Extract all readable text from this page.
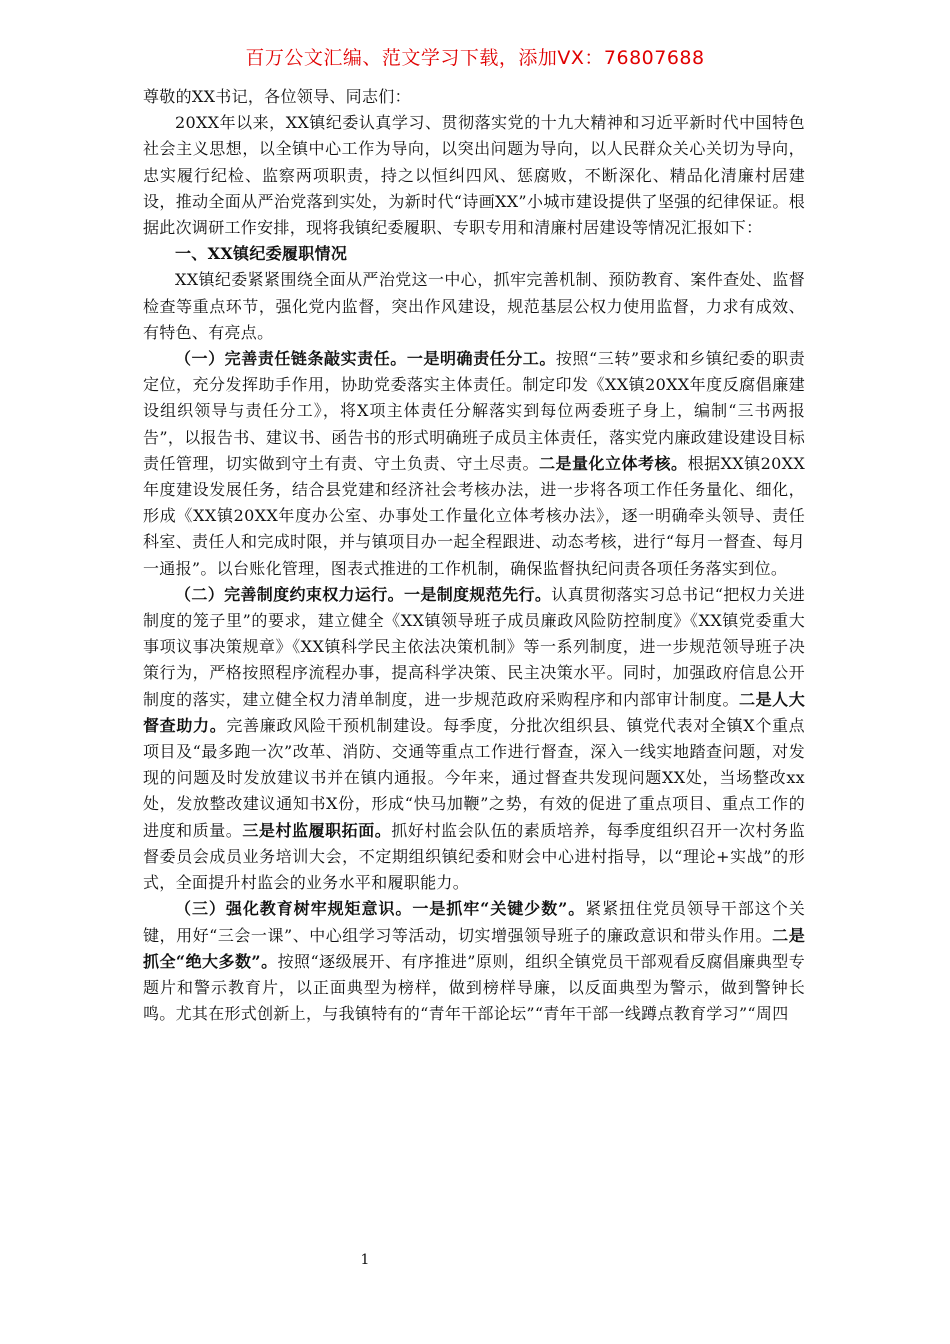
百万公文汇编、范文学习下载，添加VX：76807688

尊敬的XX书记，各位领导、同志们：

20XX年以来，XX镇纪委认真学习、贯彻落实党的十九大精神和习近平新时代中国特色社会主义思想，以全镇中心工作为导向，以突出问题为导向，以人民群众关心关切为导向，忠实履行纪检、监察两项职责，持之以恒纠四风、惩腐败，不断深化、精品化清廉村居建设，推动全面从严治党落到实处，为新时代“诗画XX”小城市建设提供了坚强的纪律保证。根据此次调研工作安排，现将我镇纪委履职、专职专用和清廉村居建设等情况汇报如下：

一、XX镇纪委履职情况

XX镇纪委紧紧围绕全面从严治党这一中心，抓牢完善机制、预防教育、案件查处、监督检查等重点环节，强化党内监督，突出作风建设，规范基层公权力使用监督，力求有成效、有特色、有亮点。

（一）完善责任链条敲实责任。一是明确责任分工。按照“三转”要求和乡镇纪委的职责定位，充分发挥助手作用，协助党委落实主体责任。制定印发《XX镇20XX年度反腐倡廉建设组织领导与责任分工》，将X项主体责任分解落实到每位两委班子身上，编制“三书两报告”，以报告书、建议书、函告书的形式明确班子成员主体责任，落实党内廉政建设建设目标责任管理，切实做到守土有责、守土负责、守土尽责。二是量化立体考核。根据XX镇20XX年度建设发展任务，结合县党建和经济社会考核办法，进一步将各项工作任务量化、细化，形成《XX镇20XX年度办公室、办事处工作量化立体考核办法》，逐一明确牵头领导、责任科室、责任人和完成时限，并与镇项目办一起全程跟进、动态考核，进行“每月一督查、每月一通报”。以台账化管理，图表式推进的工作机制，确保监督执纪问责各项任务落实到位。

（二）完善制度约束权力运行。一是制度规范先行。认真贯彻落实习总书记“把权力关进制度的笼子里”的要求，建立健全《XX镇领导班子成员廉政风险防控制度》《XX镇党委重大事项议事决策规章》《XX镇科学民主依法决策机制》等一系列制度，进一步规范领导班子决策行为，严格按照程序流程办事，提高科学决策、民主决策水平。同时，加强政府信息公开制度的落实，建立健全权力清单制度，进一步规范政府采购程序和内部审计制度。二是人大督查助力。完善廉政风险干预机制建设。每季度，分批次组织县、镇党代表对全镇X个重点项目及“最多跑一次”改革、消防、交通等重点工作进行督查，深入一线实地踏查问题，对发现的问题及时发放建议书并在镇内通报。今年来，通过督查共发现问题XX处，当场整改xx处，发放整改建议通知书X份，形成“快马加鞭”之势，有效的促进了重点项目、重点工作的进度和质量。三是村监履职拓面。抓好村监会队伍的素质培养，每季度组织召开一次村务监督委员会成员业务培训大会，不定期组织镇纪委和财会中心进村指导，以“理论+实战”的形式，全面提升村监会的业务水平和履职能力。

（三）强化教育树牢规矩意识。一是抓牢“关键少数”。紧紧扭住党员领导干部这个关键，用好“三会一课”、中心组学习等活动，切实增强领导班子的廉政意识和带头作用。二是抓全“绝大多数”。按照“逐级展开、有序推进”原则，组织全镇党员干部观看反腐倡廉典型专题片和警示教育片，以正面典型为榜样，做到榜样导廉，以反面典型为警示，做到警钟长鸣。尤其在形式创新上，与我镇特有的“青年干部论坛”“青年干部一线蹲点教育学习”“周四

1
